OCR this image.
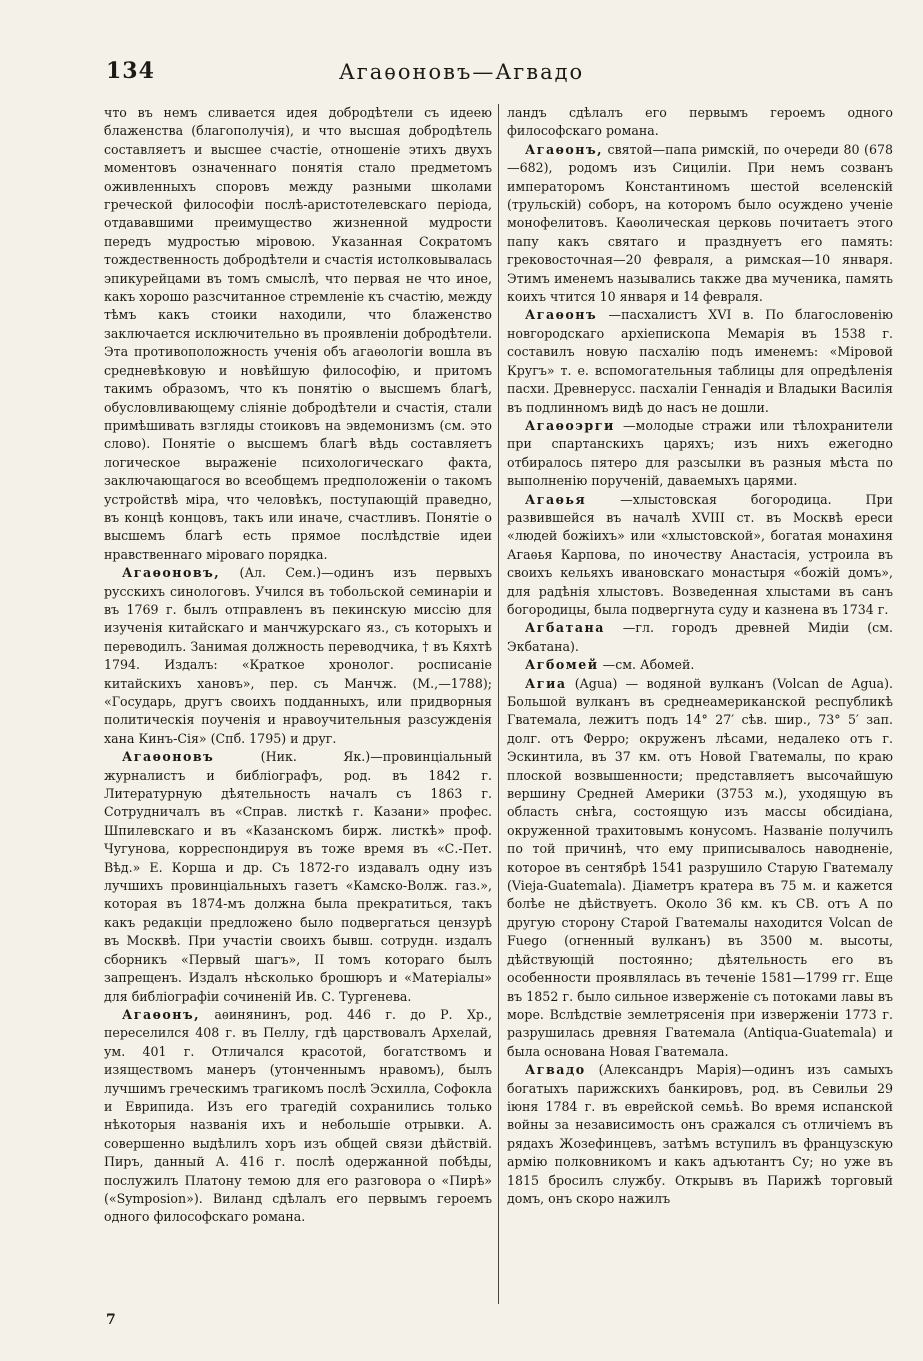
134	Агаѳоновъ—Агвадо

что въ немъ сливается идея добродѣтели съ идеею блаженства (благополучія), и что высшая добродѣтель составляетъ и высшее счастіе, отношеніе этихъ двухъ моментовъ означеннаго понятія стало предметомъ оживленныхъ споровъ между разными школами греческой философіи послѣ-аристотелевскаго періода, отдававшими преимущество жизненной мудрости передъ мудростью міровою. Указанная Сократомъ тождественность добродѣтели и счастія истолковывалась эпикурейцами въ томъ смыслѣ, что первая не что иное, какъ хорошо разсчитанное стремленіе къ счастію, между тѣмъ какъ стоики находили, что блаженство заключается исключительно въ проявленіи добродѣтели. Эта противоположность ученія объ агаѳологіи вошла въ средневѣковую и новѣйшую философію, и притомъ такимъ образомъ, что къ понятію о высшемъ благѣ, обусловливающему сліяніе добродѣтели и счастія, стали примѣшивать взгляды стоиковъ на эвдемонизмъ (см. это слово). Понятіе о высшемъ благѣ вѣдь составляетъ логическое выраженіе психологическаго факта, заключающагося во всеобщемъ предположеніи о такомъ устройствѣ міра, что человѣкъ, поступающій праведно, въ концѣ концовъ, такъ или иначе, счастливъ. Понятіе о высшемъ благѣ есть прямое послѣдствіе идеи нравственнаго міроваго порядка.

Агаѳоновъ, (Ал. Сем.)—одинъ изъ первыхъ русскихъ синологовъ. Учился въ тобольской семинаріи и въ 1769 г. былъ отправленъ въ пекинскую миссію для изученія китайскаго и манчжурскаго яз., съ которыхъ и переводилъ. Занимая должность переводчика, † въ Кяхтѣ 1794. Издалъ: «Краткое хронолог. росписаніе китайскихъ хановъ», пер. съ Манчж. (М.,—1788); «Государь, другъ своихъ подданныхъ, или придворныя политическія поученія и нравоучительныя разсужденія хана Кинъ-Сія» (Спб. 1795) и друг.

Агаѳоновъ	(Ник. Як.)—провинціальный журналистъ и библіографъ, род. въ 1842 г. Литературную дѣятельность началъ съ 1863 г. Сотрудничалъ въ «Справ. листкѣ г. Казани» профес. Шпилевскаго и въ «Казанскомъ бирж. листкѣ» проф. Чугунова, корреспондируя въ тоже время въ «С.-Пет. Вѣд.» Е. Корша и др. Съ 1872-го издавалъ одну изъ лучшихъ провинціальныхъ газетъ «Камско-Волж. газ.», которая въ 1874-мъ должна была прекратиться, такъ какъ редакціи предложено было подвергаться цензурѣ въ Москвѣ. При участіи своихъ бывш. сотрудн. издалъ сборникъ «Первый шагъ», II томъ котораго былъ запрещенъ. Издалъ нѣсколько брошюръ и «Матеріалы» для библіографіи сочиненій Ив. С. Тургенева.

Агаѳонъ, аѳинянинъ, род. 446 г. до Р. Хр., переселился 408 г. въ Пеллу, гдѣ царствовалъ Архелай, ум. 401 г. Отличался красотой, богатствомъ и изяществомъ манеръ (утонченнымъ нравомъ), былъ лучшимъ греческимъ трагикомъ послѣ Эсхилла, Софокла и Еврипида. Изъ его трагедій сохранились только нѣкоторыя названія ихъ и небольшіе отрывки. А. совершенно выдѣлилъ хоръ изъ общей связи дѣйствій. Пиръ, данный А. 416 г. послѣ одержанной побѣды, послужилъ Платону темою для его разговора о «Пирѣ» («Symposion»). Виланд сдѣлалъ его первымъ героемъ одного философскаго романа.

ландъ сдѣлалъ его первымъ героемъ одного философскаго романа.

Агаѳонъ, святой—папа римскій, по очереди 80 (678—682), родомъ изъ Сициліи. При немъ созванъ императоромъ Константиномъ шестой вселенскій (трульскій) соборъ, на которомъ было осуждено ученіе монофелитовъ. Каѳолическая церковь почитаетъ этого папу какъ святаго и празднуетъ его память: грековосточная—20 февраля, а римская—10 января. Этимъ именемъ назывались также два мученика, память коихъ чтится 10 января и 14 февраля.

Агаѳонъ —пасхалистъ XVI в. По благословенію новгородскаго архіепископа Мемарія въ 1538 г. составилъ новую пасхалію подъ именемъ: «Міровой Кругъ» т. е. вспомогательныя таблицы для опредѣленія пасхи. Древнерусс. пасхаліи Геннадія и Владыки Василія въ подлинномъ видѣ до насъ не дошли.

Агаѳоэрги —молодые стражи или тѣлохранители при спартанскихъ царяхъ; изъ нихъ ежегодно отбиралось пятеро для разсылки въ разныя мѣста по выполненію порученій, даваемыхъ царями.

Агаѳья	—хлыстовская богородица. При развившейся въ началѣ XVIII ст. въ Москвѣ ереси «людей божіихъ» или «хлыстовской», богатая монахиня Агаѳья Карпова, по иночеству Анастасія, устроила въ своихъ кельяхъ ивановскаго монастыря «божій домъ», для радѣнія хлыстовъ. Возведенная хлыстами въ санъ богородицы, была подвергнута суду и казнена въ 1734 г.

Агбатана —гл. городъ древней Мидіи (см. Экбатана).

Агбомей —см. Абомей.

Агиа (Agua) — водяной вулканъ (Volcan de Agua). Большой вулканъ въ среднеамериканской республикѣ Гватемала, лежитъ подъ 14° 27′ сѣв. шир., 73° 5′ зап. долг. отъ Ферро; окруженъ лѣсами, недалеко отъ г. Эскинтила, въ 37 км. отъ Новой Гватемалы, по краю плоской возвышенности; представляетъ высочайшую вершину Средней Америки (3753 м.), уходящую въ область снѣга, состоящую изъ массы обсидіана, окруженной трахитовымъ конусомъ. Названіе получилъ по той причинѣ, что ему приписывалось наводненіе, которое въ сентябрѣ 1541 разрушило Старую Гватемалу (Vieja-Guatemala). Діаметръ кратера въ 75 м. и кажется болѣе не дѣйствуетъ. Около 36 км. къ СВ. отъ А по другую сторону Старой Гватемалы находится Volcan de Fuego (огненный вулканъ) въ 3500 м. высоты, дѣйствующій постоянно; дѣятельность его въ особенности проявлялась въ теченіе 1581—1799 гг. Еще въ 1852 г. было сильное изверженіе съ потоками лавы въ море. Вслѣдствіе землетрясенія при изверженіи 1773 г. разрушилась древняя Гватемала (Antiqua-Guatemala) и была основана Новая Гватемала.

Агвадо (Александръ Марія)—одинъ изъ самыхъ богатыхъ парижскихъ банкировъ, род. въ Севильи 29 іюня 1784 г. въ еврейской семьѣ. Во время испанской войны за независимость онъ сражался съ отличіемъ въ рядахъ Жозефинцевъ, затѣмъ вступилъ въ французскую армію полковникомъ и какъ адъютантъ Су; но уже въ 1815 бросилъ службу. Открывъ въ Парижѣ торговый домъ, онъ скоро нажилъ

7
